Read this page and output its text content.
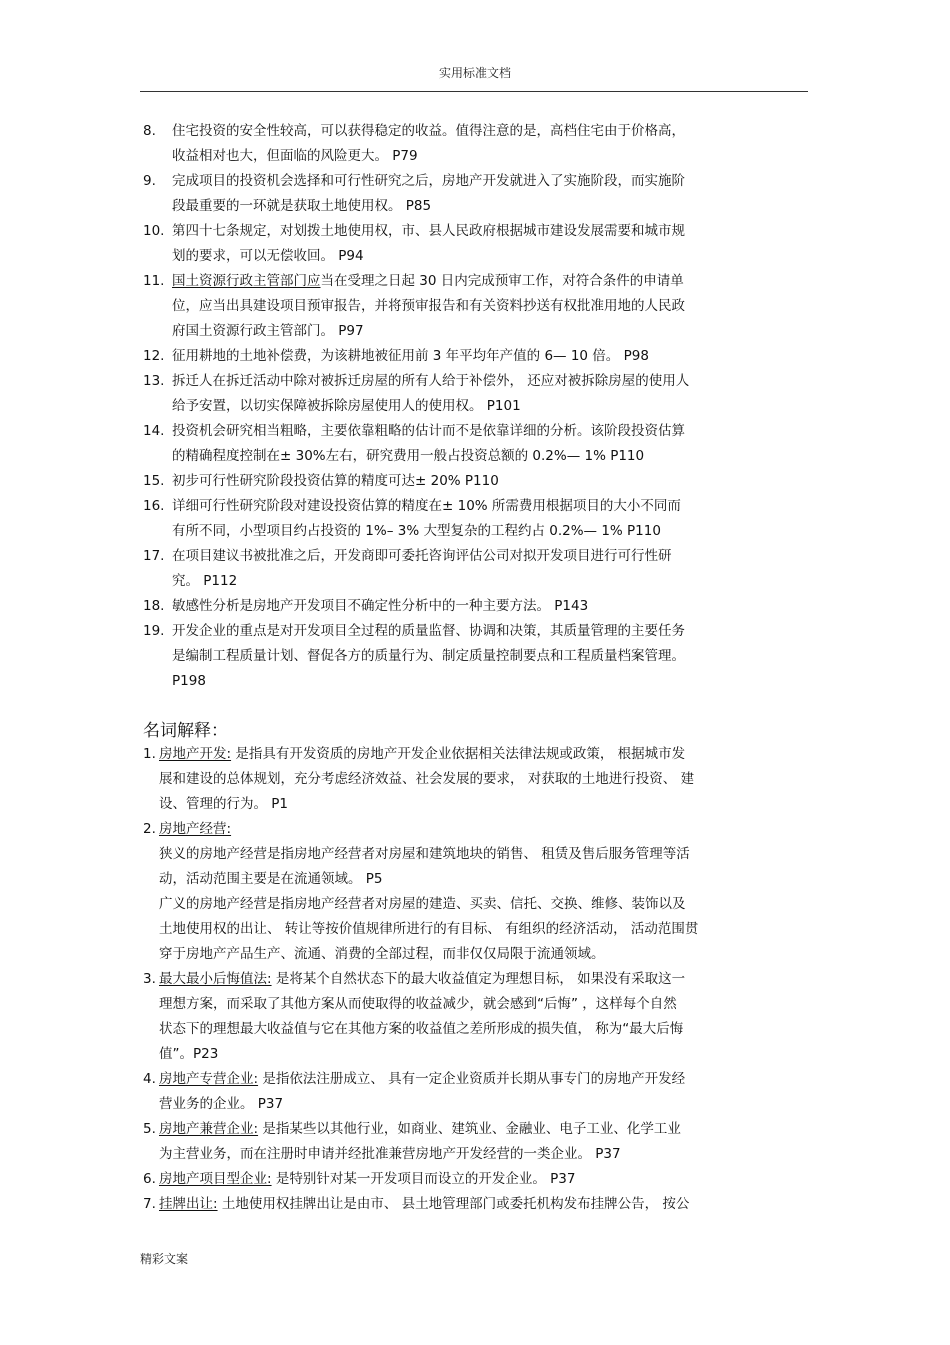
实用标准文档
8. 住宅投资的安全性较高，可以获得稳定的收益。值得注意的是，高档住宅由于价格高，
收益相对也大，但面临的风险更大。 P79
9. 完成项目的投资机会选择和可行性研究之后，房地产开发就进入了实施阶段，而实施阶
段最重要的一环就是获取土地使用权。 P85
10. 第四十七条规定，对划拨土地使用权，市、县人民政府根据城市建设发展需要和城市规
划的要求，可以无偿收回。 P94
11. 国土资源行政主管部门应当在受理之日起 30 日内完成预审工作，对符合条件的申请单
位，应当出具建设项目预审报告，并将预审报告和有关资料抄送有权批准用地的人民政
府国土资源行政主管部门。 P97
12. 征用耕地的土地补偿费，为该耕地被征用前 3 年平均年产值的 6— 10 倍。 P98
13. 拆迁人在拆迁活动中除对被拆迁房屋的所有人给于补偿外， 还应对被拆除房屋的使用人
给予安置，以切实保障被拆除房屋使用人的使用权。 P101
14. 投资机会研究相当粗略，主要依靠粗略的估计而不是依靠详细的分析。该阶段投资估算
的精确程度控制在± 30%左右，研究费用一般占投资总额的 0.2%— 1% P110
15. 初步可行性研究阶段投资估算的精度可达± 20% P110
16. 详细可行性研究阶段对建设投资估算的精度在± 10% 所需费用根据项目的大小不同而
有所不同，小型项目约占投资的 1%– 3% 大型复杂的工程约占 0.2%— 1% P110
17. 在项目建议书被批准之后，开发商即可委托咨询评估公司对拟开发项目进行可行性研
究。 P112
18. 敏感性分析是房地产开发项目不确定性分析中的一种主要方法。 P143
19. 开发企业的重点是对开发项目全过程的质量监督、协调和决策，其质量管理的主要任务
是编制工程质量计划、督促各方的质量行为、制定质量控制要点和工程质量档案管理。
P198
名词解释：
1. 房地产开发: 是指具有开发资质的房地产开发企业依据相关法律法规或政策， 根据城市发
展和建设的总体规划，充分考虑经济效益、社会发展的要求， 对获取的土地进行投资、 建
设、管理的行为。 P1
2. 房地产经营:
狭义的房地产经营是指房地产经营者对房屋和建筑地块的销售、 租赁及售后服务管理等活
动，活动范围主要是在流通领域。 P5
广义的房地产经营是指房地产经营者对房屋的建造、买卖、信托、交换、维修、装饰以及
土地使用权的出让、 转让等按价值规律所进行的有目标、 有组织的经济活动， 活动范围贯
穿于房地产产品生产、流通、消费的全部过程，而非仅仅局限于流通领域。
3. 最大最小后悔值法: 是将某个自然状态下的最大收益值定为理想目标， 如果没有采取这一
理想方案，而采取了其他方案从而使取得的收益减少，就会感到“后悔” ，这样每个自然
状态下的理想最大收益值与它在其他方案的收益值之差所形成的损失值， 称为“最大后悔
值”。P23
4. 房地产专营企业: 是指依法注册成立、 具有一定企业资质并长期从事专门的房地产开发经
营业务的企业。 P37
5. 房地产兼营企业: 是指某些以其他行业，如商业、建筑业、金融业、电子工业、化学工业
为主营业务，而在注册时申请并经批准兼营房地产开发经营的一类企业。 P37
6. 房地产项目型企业: 是特别针对某一开发项目而设立的开发企业。 P37
7. 挂牌出让: 土地使用权挂牌出让是由市、 县土地管理部门或委托机构发布挂牌公告， 按公
精彩文案
